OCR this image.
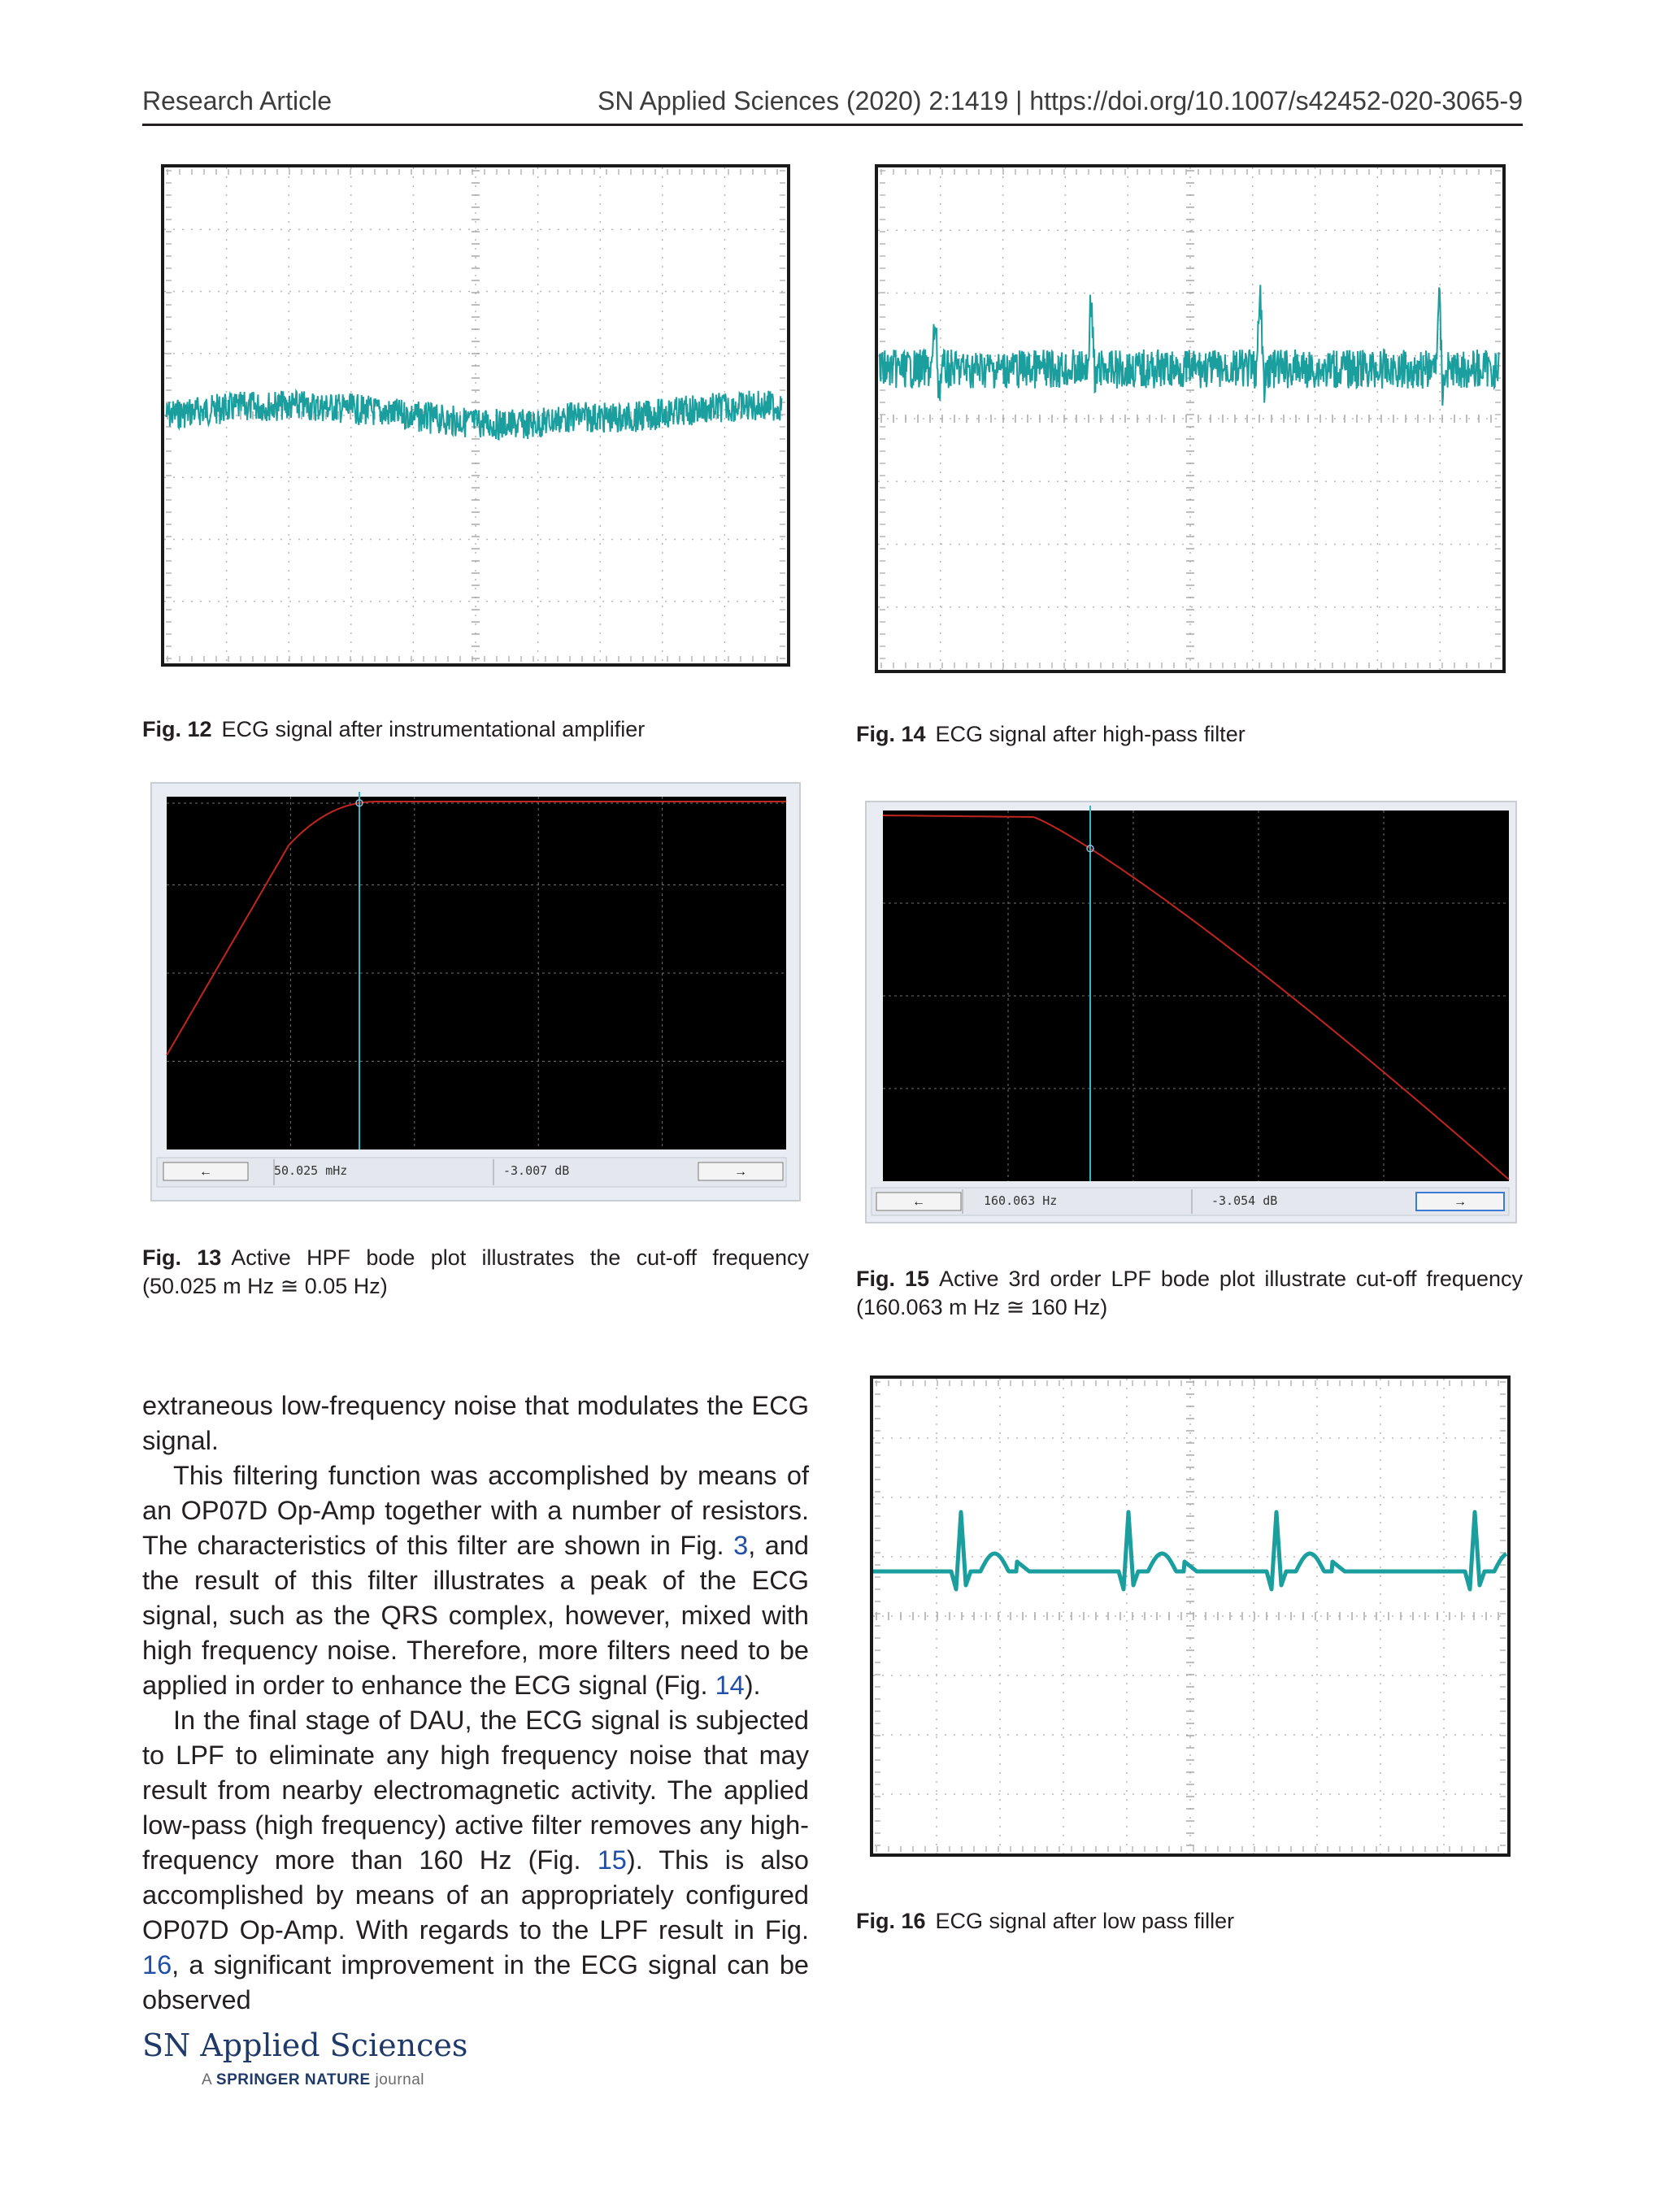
Research Article	SN Applied Sciences (2020) 2:1419 | https://doi.org/10.1007/s42452-020-3065-9
Fig. 12 ECG signal after instrumentational amplifier	Fig. 14 ECG signal after high-pass filter
←	50.025 mHz	-3.007 dB	→
Fig. 13 Active HPF bode plot illustrates the cut-off frequency (50.025 m Hz ≅ 0.05 Hz)
←	160.063 Hz	-3.054 dB	→
Fig. 15 Active 3rd order LPF bode plot illustrate cut-off frequency (160.063 m Hz ≅ 160 Hz)
Fig. 16 ECG signal after low pass filler

extraneous low-frequency noise that modulates the ECG signal.

This filtering function was accomplished by means of an OP07D Op-Amp together with a number of resistors. The characteristics of this filter are shown in Fig. 3, and the result of this filter illustrates a peak of the ECG signal, such as the QRS complex, however, mixed with high frequency noise. Therefore, more filters need to be applied in order to enhance the ECG signal (Fig. 14).

In the final stage of DAU, the ECG signal is subjected to LPF to eliminate any high frequency noise that may result from nearby electromagnetic activity. The applied low-pass (high frequency) active filter removes any high-frequency more than 160 Hz (Fig. 15). This is also accomplished by means of an appropriately configured OP07D Op-Amp. With regards to the LPF result in Fig. 16, a significant improvement in the ECG signal can be observed

SN Applied Sciences
A SPRINGER NATURE journal
